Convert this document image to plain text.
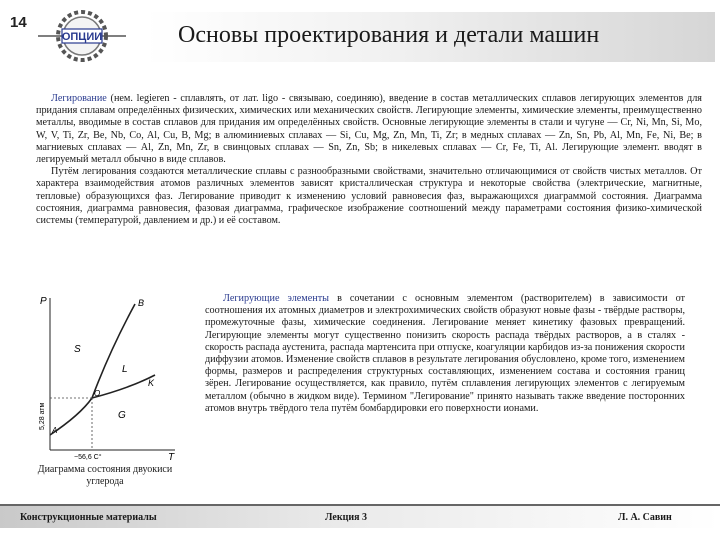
14
ОПЦИИ	Основы проектирования и детали машин

Легирование (нем. legieren - сплавлять, от лат. ligo - связываю, соединяю), введение в состав металлических сплавов легирующих элементов для придания сплавам определённых физических, химических или механических свойств. Легирующие элементы, химические элементы, преимущественно металлы, вводимые в состав сплавов для придания им определённых свойств. Основные легирующие элементы в стали и чугуне — Cr, Ni, Mn, Si, Mo, W, V, Ti, Zr, Be, Nb, Co, Al, Cu, B, Mg; в алюминиевых сплавах — Si, Cu, Mg, Zn, Mn, Ti, Zr; в медных сплавах — Zn, Sn, Pb, Al, Mn, Fe, Ni, Be; в магниевых сплавах — Al, Zn, Mn, Zr, в свинцовых сплавах — Sn, Zn, Sb; в никелевых сплавах — Cr, Fe, Ti, Al. Легирующие элемент. вводят в легируемый металл обычно в виде сплавов.

Путём легирования создаются металлические сплавы с разнообразными свойствами, значительно отличающимися от свойств чистых металлов. От характера взаимодействия атомов различных элементов зависят кристаллическая структура и некоторые свойства (электрические, магнитные, тепловые) образующихся фаз. Легирование приводит к изменению условий равновесия фаз, выражающихся диаграммой состояния. Диаграмма состояния, диаграмма равновесия, фазовая диаграмма, графическое изображение соотношений между параметрами состояния физико-химической системы (температурой, давлением и др.) и её составом.

P
T
B
S
L
K
G
O
A
5,28 атм
−56,6 С°
Диаграмма состояния двуокиси углерода

Легирующие элементы в сочетании с основным элементом (растворителем) в зависимости от соотношения их атомных диаметров и электрохимических свойств образуют новые фазы - твёрдые растворы, промежуточные фазы, химические соединения. Легирование меняет кинетику фазовых превращений. Легирующие элементы могут существенно понизить скорость распада твёрдых растворов, а в сталях - скорость распада аустенита, распада мартенсита при отпуске, коагуляции карбидов из-за понижения скорости диффузии атомов. Изменение свойств сплавов в результате легирования обусловлено, кроме того, изменением формы, размеров и распределения структурных составляющих, изменением состава и состояния границ зёрен. Легирование осуществляется, как правило, путём сплавления легирующих элементов с легируемым металлом (обычно в жидком виде). Термином "Легирование" принято называть также введение посторонних атомов внутрь твёрдого тела путём бомбардировки его поверхности ионами.

Конструкционные материалы	Лекция 3	Л. А. Савин
